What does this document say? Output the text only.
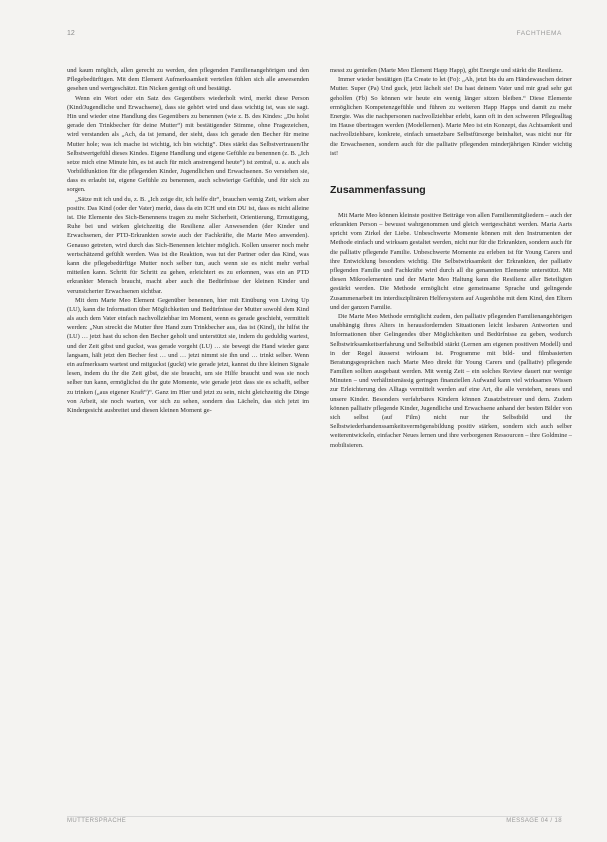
12	FACHTHEMA

und kaum möglich, allen gerecht zu werden, den pflegenden Familienangehörigen und den Pflegebedürftigen. Mit dem Element Aufmerksamkeit verteilen fühlen sich alle anwesenden gesehen und wertgeschätzt. Ein Nicken genügt oft und bestätigt.

Wenn ein Wort oder ein Satz des Gegenübers wiederholt wird, merkt diese Person (Kind/Jugendliche und Erwachsene), dass sie gehört wird und dass wichtig ist, was sie sagt. Hin und wieder eine Handlung des Gegenübers zu benennen (wie z. B. des Kindes: „Du holst gerade den Trinkbecher für deine Mutter“) mit bestätigender Stimme, ohne Fragezeichen, wird verstanden als „Ach, da ist jemand, der sieht, dass ich gerade den Becher für meine Mutter hole; was ich mache ist wichtig, ich bin wichtig“. Dies stärkt das Selbstvertrauen/Ihr Selbstwertgefühl dieses Kindes. Eigene Handlung und eigene Gefühle zu benennen (z. B. „Ich setze mich eine Minute hin, es ist auch für mich anstrengend heute“) ist zentral, u. a. auch als Vorbildfunktion für die pflegenden Kinder, Jugendlichen und Erwachsenen. So verstehen sie, dass es erlaubt ist, eigene Gefühle zu benennen, auch schwierige Gefühle, und für sich zu sorgen.

„Sätze mit ich und du, z. B. „Ich zeige dir, ich helfe dir“, brauchen wenig Zeit, wirken aber positiv. Das Kind (oder der Vater) merkt, dass da ein ICH und ein DU ist, dass es nicht alleine ist. Die Elemente des Sich-Benennens tragen zu mehr Sicherheit, Orientierung, Ermutigung, Ruhe bei und wirken gleichzeitig die Resilienz aller Anwesenden (der Kinder und Erwachsenen, der PTD-Erkrankten sowie auch der Fachkräfte, die Marte Meo anwenden). Genauso getreten, wird durch das Sich-Benennen leichter möglich. Kollen unserer noch mehr wertschätzend gefühlt werden. Was ist die Reaktion, was tut der Partner oder das Kind, was kann die pflegebedürftige Mutter noch selber tun, auch wenn sie es nicht mehr verbal mitteilen kann. Schritt für Schritt zu gehen, erleichtert es zu erkennen, was ein an PTD erkrankter Mensch braucht, macht aber auch die Bedürfnisse der kleinen Kinder und verunsicherter Erwachsenen sichtbar.

Mit dem Marte Meo Element Gegenüber benennen, hier mit Einübung von Living Up (LU), kann die Information über Möglichkeiten und Bedürfnisse der Mutter sowohl dem Kind als auch dem Vater einfach nachvollziehbar im Moment, wenn es gerade geschieht, vermittelt werden: „Nun streckt die Mutter ihre Hand zum Trinkbecher aus, das ist (Kind), ihr hilfst ihr (LU) … jetzt hast du schon den Becher geholt und unterstützt sie, indem du geduldig wartest, und der Zeit gibst und guckst, was gerade vorgeht (LU) … sie bewegt die Hand wieder ganz langsam, hält jetzt den Becher fest … und … jetzt nimmt sie ihn und … trinkt selber. Wenn ein aufmerksam wartest und mitguckst (guckt) wie gerade jetzt, kannst du ihre kleinen Signale lesen, indem du ihr die Zeit gibst, die sie braucht, um sie Hilfe braucht und was sie noch selber tun kann, ermöglichst du ihr gute Momente, wie gerade jetzt dass sie es schafft, selber zu trinken („aus eigener Kraft“)“. Ganz im Hier und jetzt zu sein, nicht gleichzeitig die Dinge von Arbeit, sie noch warten, vor sich zu sehen, sondern das Lächeln, das sich jetzt im Kindergesicht ausbreitet und diesen kleinen Moment ge-

messt zu genießen (Marte Meo Element Happ Happ), gibt Energie und stärkt die Resilienz.

Immer wieder bestätigen (Ea Create to let (Fo): „Ah, jetzt bis du am Händewaschen deiner Mutter. Super (Pa) Und guck, jetzt lächelt sie! Du hast deinem Vater und mir grad sehr gut geholfen (Fb) So können wir heute ein wenig länger sitzen bleiben.“ Diese Elemente ermöglichen Kompetenzgefühle und führen zu weiteren Happ Happs und damit zu mehr Energie. Was die nachpersonen nachvollziehbar erlebt, kann oft in den schweren Pflegealltag im Hause übertragen werden (Modellernen). Marte Meo ist ein Konzept, das Achtsamkeit und nachvollziehbare, konkrete, einfach umsetzbare Selbstfürsorge beinhaltet, was nicht nur für die Erwachsenen, sondern auch für die palliativ pflegenden minderjährigen Kinder wichtig ist!

Zusammenfassung

Mit Marte Meo können kleinste positive Beiträge von allen Familienmitgliedern – auch der erkrankten Person – bewusst wahrgenommen und gleich wertgeschätzt werden. Maria Aarts spricht vom Zirkel der Liebe. Unbeschwerte Momente können mit den Instrumenten der Methode einfach und wirksam gestaltet werden, nicht nur für die Erkrankten, sondern auch für die palliativ pflegende Familie. Unbeschwerte Momente zu erleben ist für Young Carers und ihre Entwicklung besonders wichtig. Die Selbstwirksamkeit der Erkrankten, der palliativ pflegenden Familie und Fachkräfte wird durch all die genannten Elemente unterstützt. Mit diesen Mikroelementen und der Marte Meo Haltung kann die Resilienz aller Beteiligten gestärkt werden. Die Methode ermöglicht eine gemeinsame Sprache und gelingende Zusammenarbeit im interdisziplinären Helfersystem auf Augenhöhe mit dem Kind, den Eltern und der ganzen Familie.

Die Marte Meo Methode ermöglicht zudem, den palliativ pflegenden Familienangehörigen unabhängig ihres Alters in herausfordernden Situationen leicht lesbaren Antworten und Informationen über Gelingendes über Möglichkeiten und Bedürfnisse zu geben, wodurch Selbstwirksamkeitserfahrung und Selbstbild stärkt (Lernen am eigenen positiven Modell) und in der Regel äusserst wirksam ist. Programme mit bild- und filmbasierten Beratungsgesprächen nach Marte Meo direkt für Young Carers und (palliativ) pflegende Familien sollten ausgebaut werden. Mit wenig Zeit – ein solches Review dauert nur wenige Minuten – und verhältnismässig geringen finanziellen Aufwand kann viel wirksames Wissen zur Erleichterung des Alltags vermittelt werden auf eine Art, die alle verstehen, neues und unsere Kinder. Besonders verfahrbares Kindern können Zusatzbetreuer und dem. Zudem können palliativ pflegende Kinder, Jugendliche und Erwachsene anhand der besten Bilder von sich selbst (auf Film) nicht nur ihr Selbstbild und ihr Selbstwiederhandenssamkeitsvermögensbildung positiv stärken, sondern sich auch selber weiterentwickeln, einfacher Neues lernen und ihre verborgenen Ressourcen – ihre Goldmine – mobilisieren.

MUTTERSPRACHE	MESSAGE 04 / 18
